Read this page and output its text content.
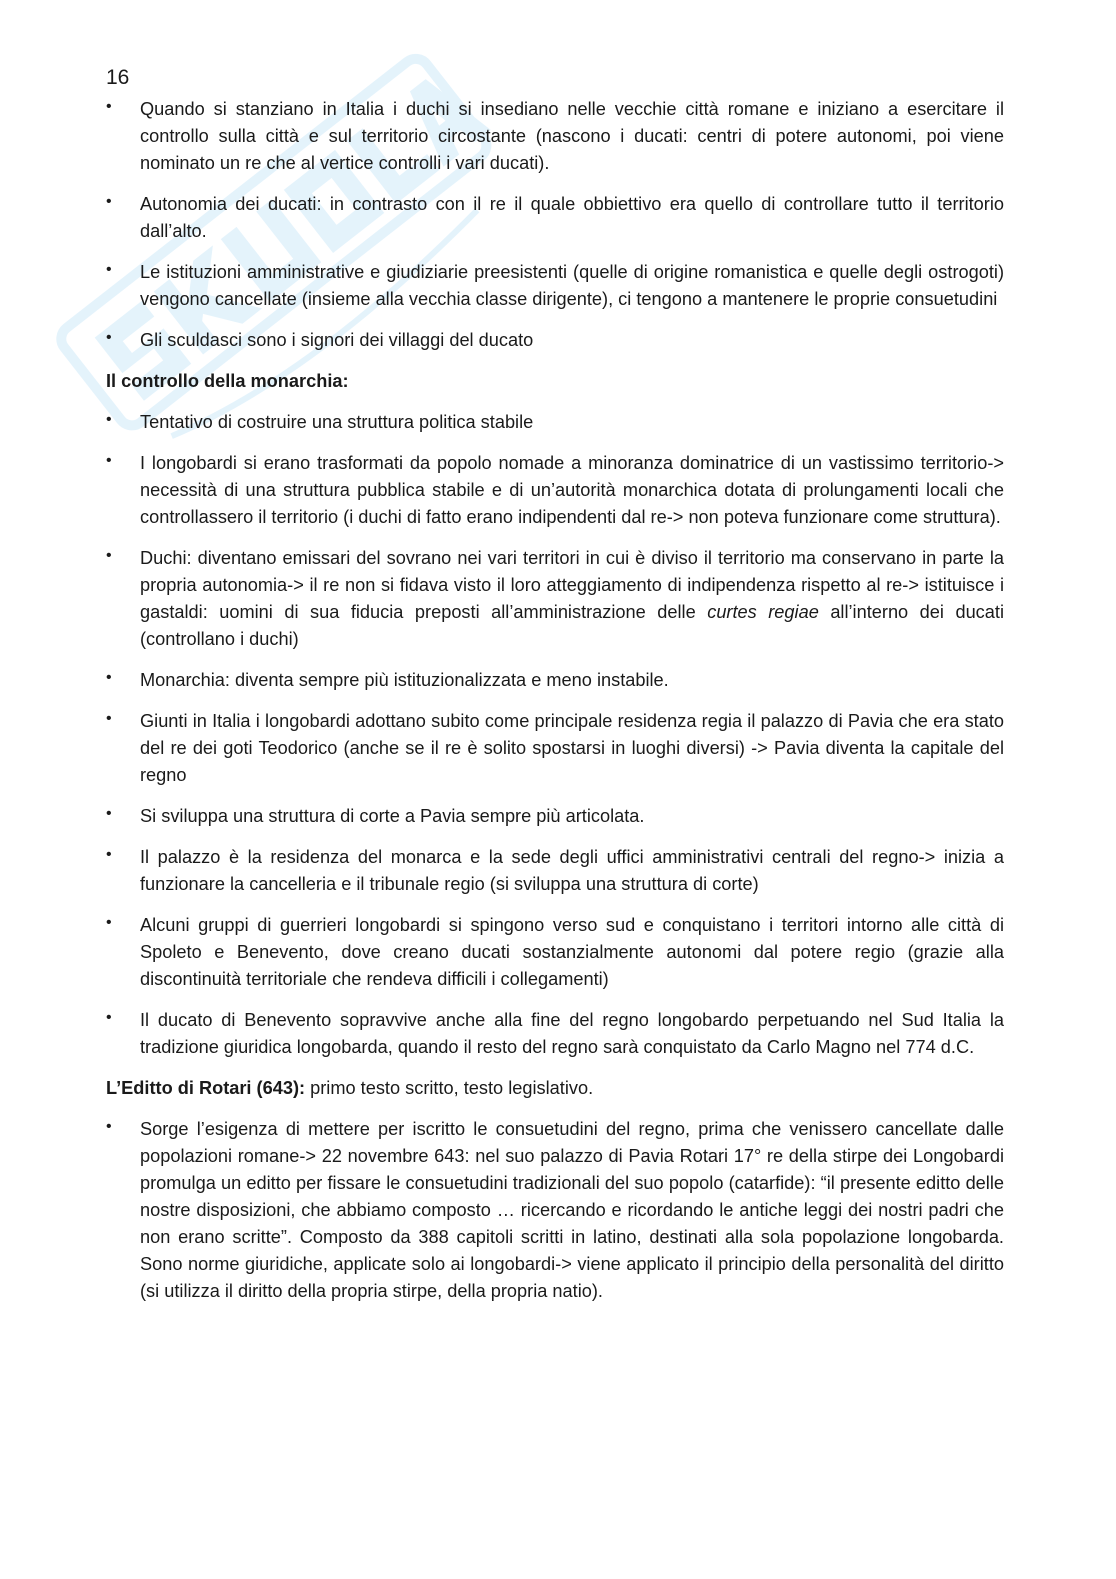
16
• Quando si stanziano in Italia i duchi si insediano nelle vecchie città romane e iniziano a esercitare il controllo sulla città e sul territorio circostante (nascono i ducati: centri di potere autonomi, poi viene nominato un re che al vertice controlli i vari ducati).
• Autonomia dei ducati: in contrasto con il re il quale obbiettivo era quello di controllare tutto il territorio dall’alto.
• Le istituzioni amministrative e giudiziarie preesistenti (quelle di origine romanistica e quelle degli ostrogoti) vengono cancellate (insieme alla vecchia classe dirigente), ci tengono a mantenere le proprie consuetudini
• Gli sculdasci sono i signori dei villaggi del ducato
Il controllo della monarchia:
• Tentativo di costruire una struttura politica stabile
• I longobardi si erano trasformati da popolo nomade a minoranza dominatrice di un vastissimo territorio-> necessità di una struttura pubblica stabile e di un’autorità monarchica dotata di prolungamenti locali che controllassero il territorio (i duchi di fatto erano indipendenti dal re-> non poteva funzionare come struttura).
• Duchi: diventano emissari del sovrano nei vari territori in cui è diviso il territorio ma conservano in parte la propria autonomia-> il re non si fidava visto il loro atteggiamento di indipendenza rispetto al re-> istituisce i gastaldi: uomini di sua fiducia preposti all’amministrazione delle curtes regiae all’interno dei ducati (controllano i duchi)
• Monarchia: diventa sempre più istituzionalizzata e meno instabile.
• Giunti in Italia i longobardi adottano subito come principale residenza regia il palazzo di Pavia che era stato del re dei goti Teodorico (anche se il re è solito spostarsi in luoghi diversi) -> Pavia diventa la capitale del regno
• Si sviluppa una struttura di corte a Pavia sempre più articolata.
• Il palazzo è la residenza del monarca e la sede degli uffici amministrativi centrali del regno-> inizia a funzionare la cancelleria e il tribunale regio (si sviluppa una struttura di corte)
• Alcuni gruppi di guerrieri longobardi si spingono verso sud e conquistano i territori intorno alle città di Spoleto e Benevento, dove creano ducati sostanzialmente autonomi dal potere regio (grazie alla discontinuità territoriale che rendeva difficili i collegamenti)
• Il ducato di Benevento sopravvive anche alla fine del regno longobardo perpetuando nel Sud Italia la tradizione giuridica longobarda, quando il resto del regno sarà conquistato da Carlo Magno nel 774 d.C.
L’Editto di Rotari (643): primo testo scritto, testo legislativo.
• Sorge l’esigenza di mettere per iscritto le consuetudini del regno, prima che venissero cancellate dalle popolazioni romane-> 22 novembre 643: nel suo palazzo di Pavia Rotari 17° re della stirpe dei Longobardi promulga un editto per fissare le consuetudini tradizionali del suo popolo (catarfide): “il presente editto delle nostre disposizioni, che abbiamo composto … ricercando e ricordando le antiche leggi dei nostri padri che non erano scritte”. Composto da 388 capitoli scritti in latino, destinati alla sola popolazione longobarda. Sono norme giuridiche, applicate solo ai longobardi-> viene applicato il principio della personalità del diritto (si utilizza il diritto della propria stirpe, della propria natio).
